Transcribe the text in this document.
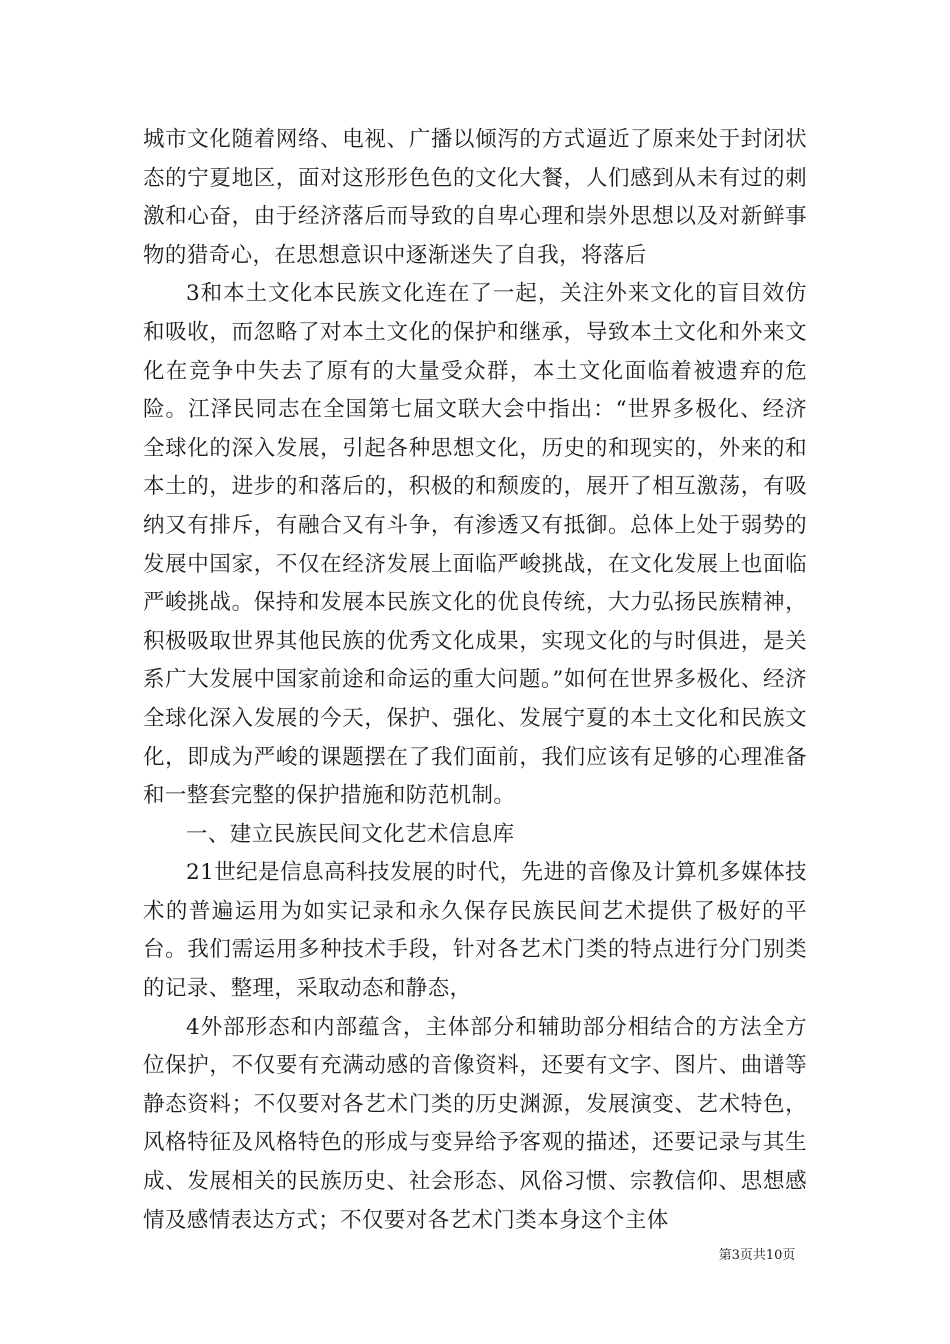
城市文化随着网络、电视、广播以倾泻的方式逼近了原来处于封闭状态的宁夏地区，面对这形形色色的文化大餐，人们感到从未有过的刺激和心奋，由于经济落后而导致的自卑心理和崇外思想以及对新鲜事物的猎奇心，在思想意识中逐渐迷失了自我，将落后

3和本土文化本民族文化连在了一起，关注外来文化的盲目效仿和吸收，而忽略了对本土文化的保护和继承，导致本土文化和外来文化在竞争中失去了原有的大量受众群，本土文化面临着被遗弃的危险。江泽民同志在全国第七届文联大会中指出：“世界多极化、经济全球化的深入发展，引起各种思想文化，历史的和现实的，外来的和本土的，进步的和落后的，积极的和颓废的，展开了相互激荡，有吸纳又有排斥，有融合又有斗争，有渗透又有抵御。总体上处于弱势的发展中国家，不仅在经济发展上面临严峻挑战，在文化发展上也面临严峻挑战。保持和发展本民族文化的优良传统，大力弘扬民族精神，积极吸取世界其他民族的优秀文化成果，实现文化的与时俱进，是关系广大发展中国家前途和命运的重大问题。”如何在世界多极化、经济全球化深入发展的今天，保护、强化、发展宁夏的本土文化和民族文化，即成为严峻的课题摆在了我们面前，我们应该有足够的心理准备和一整套完整的保护措施和防范机制。

一、建立民族民间文化艺术信息库

21世纪是信息高科技发展的时代，先进的音像及计算机多媒体技术的普遍运用为如实记录和永久保存民族民间艺术提供了极好的平台。我们需运用多种技术手段，针对各艺术门类的特点进行分门别类的记录、整理，采取动态和静态，

4外部形态和内部蕴含，主体部分和辅助部分相结合的方法全方位保护，不仅要有充满动感的音像资料，还要有文字、图片、曲谱等静态资料；不仅要对各艺术门类的历史渊源，发展演变、艺术特色，风格特征及风格特色的形成与变异给予客观的描述，还要记录与其生成、发展相关的民族历史、社会形态、风俗习惯、宗教信仰、思想感情及感情表达方式；不仅要对各艺术门类本身这个主体

第3页共10页
